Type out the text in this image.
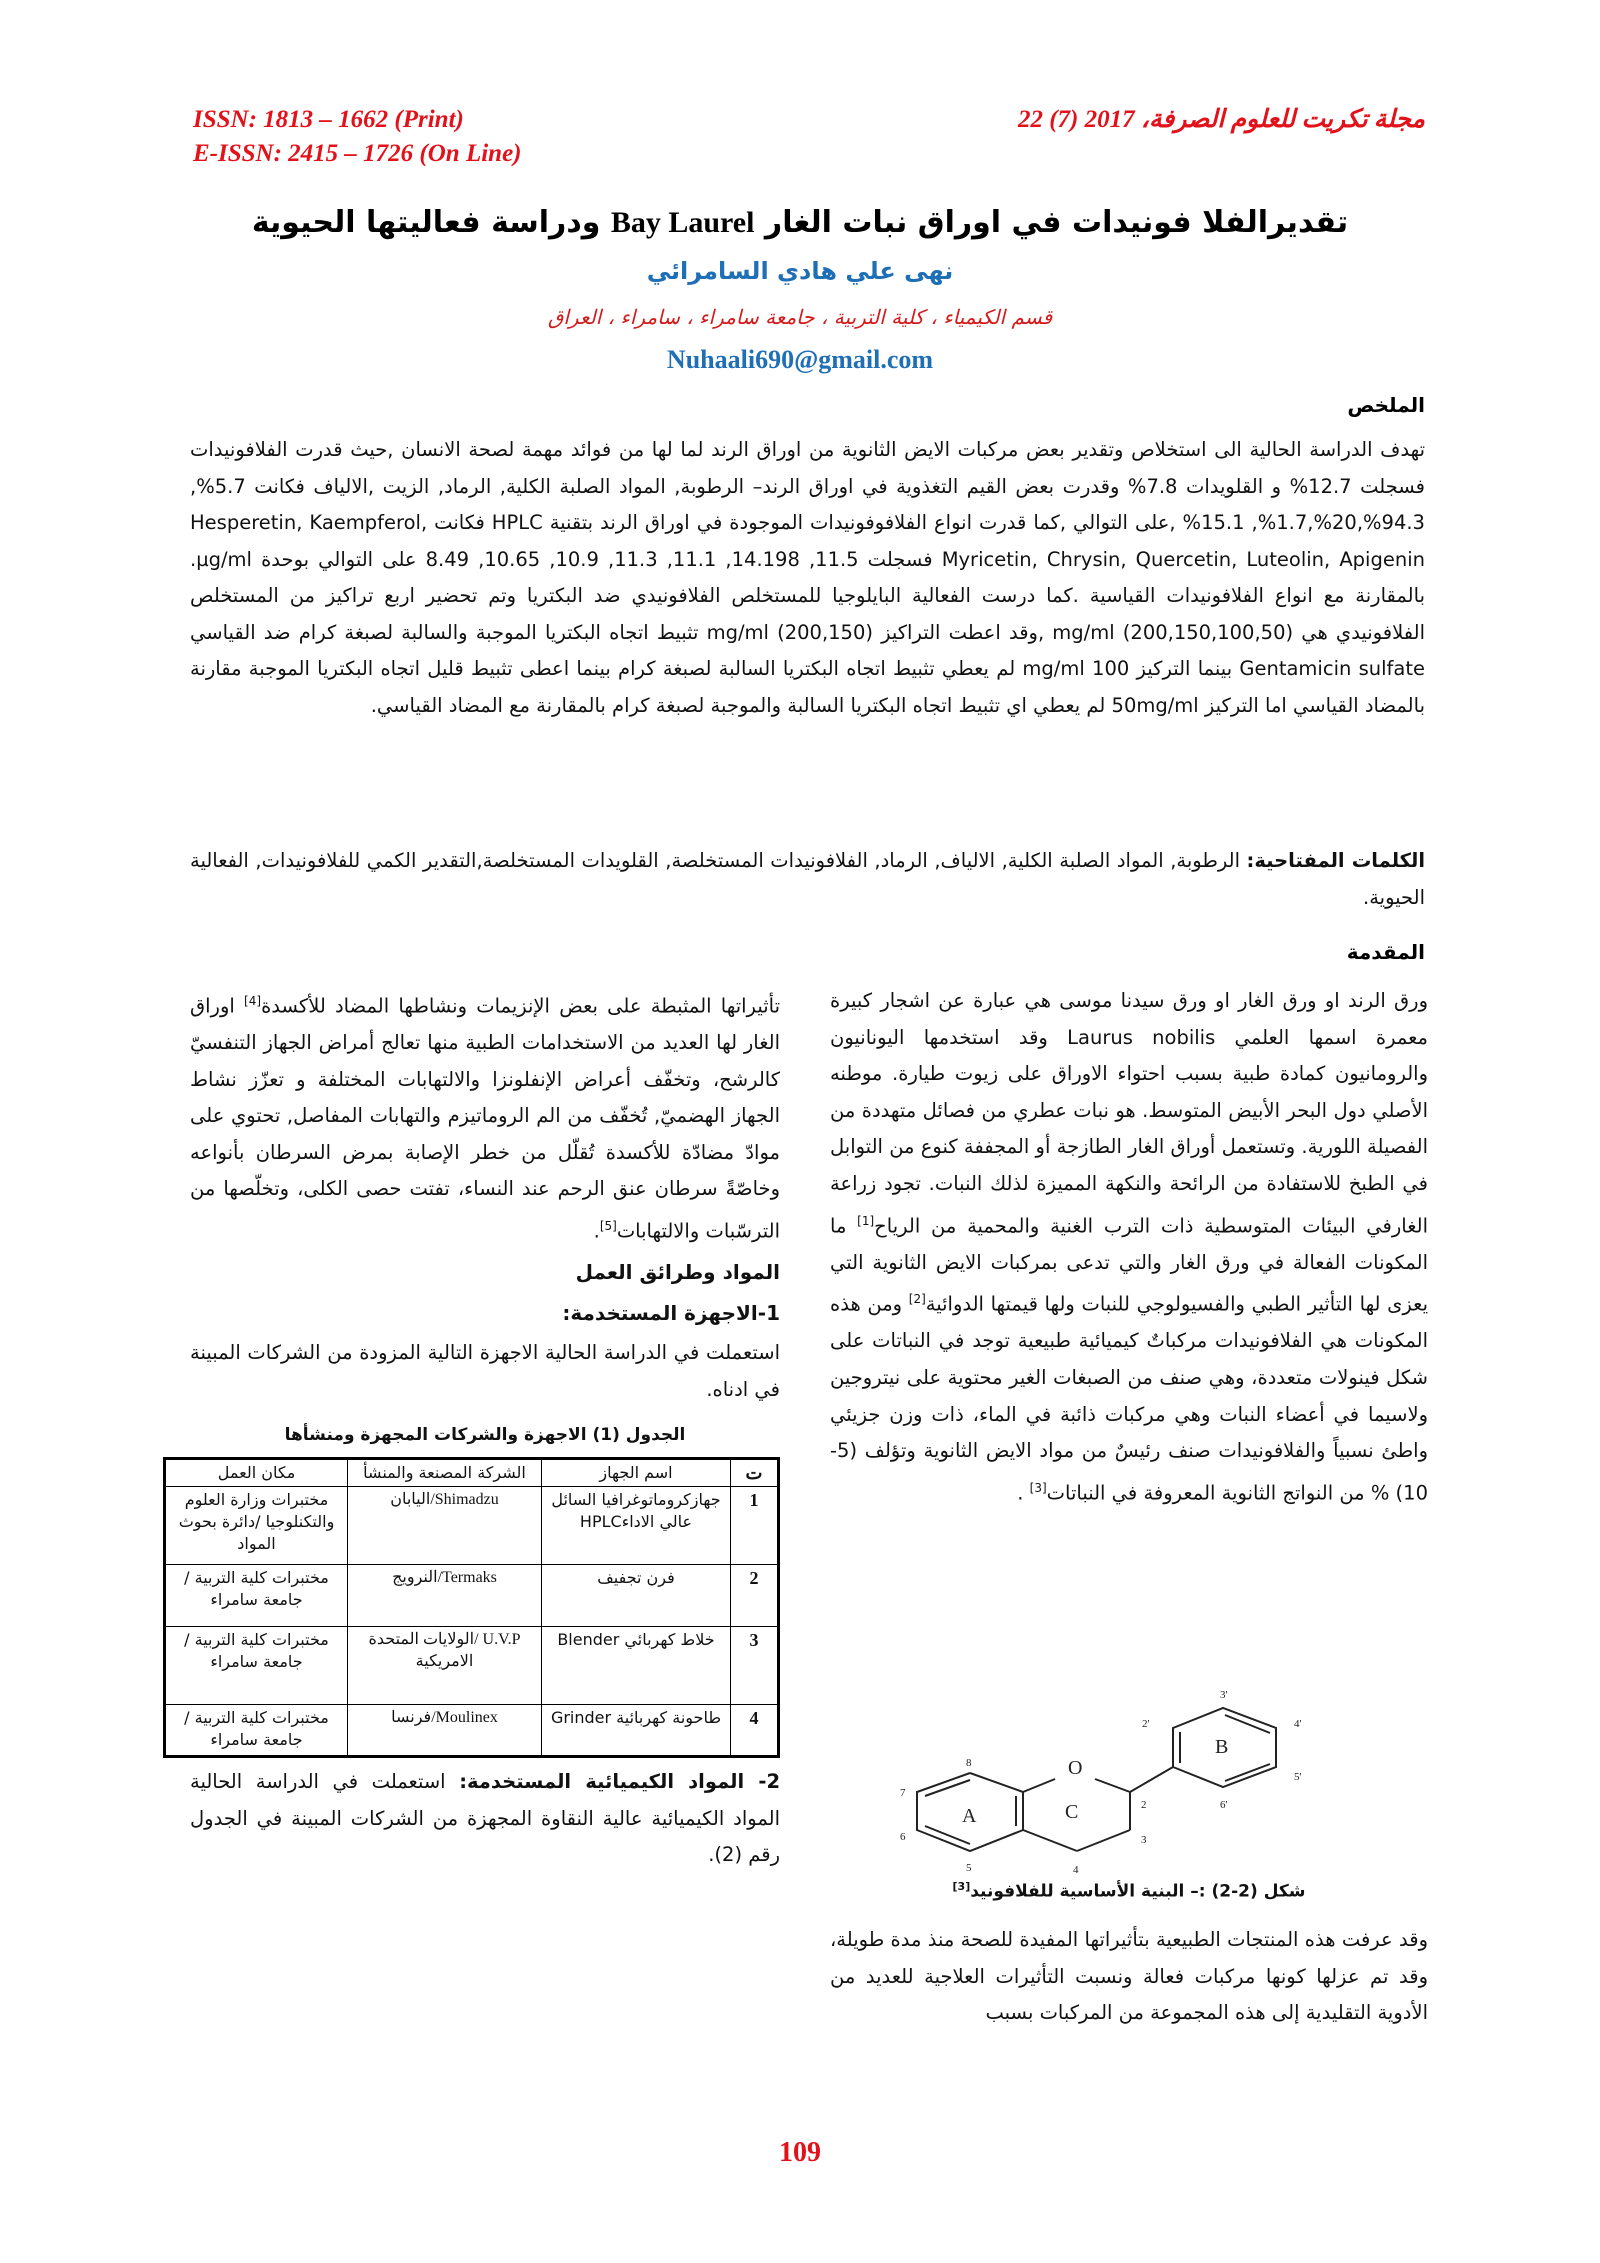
ISSN: 1813 – 1662 (Print)
E-ISSN: 2415 – 1726 (On Line)
مجلة تكريت للعلوم الصرفة، 22 (7) 2017
تقديرالفلا فونيدات في اوراق نبات الغار Bay Laurel ودراسة فعاليتها الحيوية
نهى علي هادي السامرائي
قسم الكيمياء ، كلية التربية ، جامعة سامراء ، سامراء ، العراق
Nuhaali690@gmail.com
الملخص
تهدف الدراسة الحالية الى استخلاص وتقدير بعض مركبات الايض الثانوية من اوراق الرند لما لها من فوائد مهمة لصحة الانسان ,حيث قدرت الفلافونيدات فسجلت 12.7% و القلويدات 7.8% وقدرت بعض القيم التغذوية في اوراق الرند– الرطوبة, المواد الصلبة الكلية, الرماد, الزيت ,الالياف فكانت 5.7%, 94.3%,20%,1.7%, 15.1% ,على التوالي ,كما قدرت انواع الفلافوفونيدات الموجودة في اوراق الرند بتقنية HPLC فكانت Hesperetin, Kaempferol, Myricetin, Chrysin, Quercetin, Luteolin, Apigenin فسجلت 11.5, 14.198, 11.1, 11.3, 10.9, 10.65, 8.49 على التوالي بوحدة µg/ml. بالمقارنة مع انواع الفلافونيدات القياسية .كما درست الفعالية البايلوجيا للمستخلص الفلافونيدي ضد البكتريا وتم تحضير اربع تراكيز من المستخلص الفلافونيدي هي mg/ml (200,150,100,50) ,وقد اعطت التراكيز (200,150) mg/ml تثبيط اتجاه البكتريا الموجبة والسالبة لصبغة كرام ضد القياسي Gentamicin sulfate بينما التركيز 100 mg/ml لم يعطي تثبيط اتجاه البكتريا السالبة لصبغة كرام بينما اعطى تثبيط قليل اتجاه البكتريا الموجبة مقارنة بالمضاد القياسي اما التركيز 50mg/ml لم يعطي اي تثبيط اتجاه البكتريا السالبة والموجبة لصبغة كرام بالمقارنة مع المضاد القياسي.
الكلمات المفتاحية: الرطوبة, المواد الصلبة الكلية, الالياف, الرماد, الفلافونيدات المستخلصة, القلويدات المستخلصة,التقدير الكمي للفلافونيدات, الفعالية الحيوية.
المقدمة

ورق الرند او ورق الغار او ورق سيدنا موسى هي عبارة عن اشجار كبيرة معمرة اسمها العلمي Laurus nobilis وقد استخدمها اليونانيون والرومانيون كمادة طبية بسبب احتواء الاوراق على زيوت طيارة. موطنه الأصلي دول البحر الأبيض المتوسط. هو نبات عطري من فصائل متهددة من الفصيلة اللورية. وتستعمل أوراق الغار الطازجة أو المجففة كنوع من التوابل في الطبخ للاستفادة من الرائحة والنكهة المميزة لذلك النبات. تجود زراعة الغارفي البيئات المتوسطية ذات الترب الغنية والمحمية من الرياح[1] ما المكونات الفعالة في ورق الغار والتي تدعى بمركبات الايض الثانوية التي يعزى لها التأثير الطبي والفسيولوجي للنبات ولها قيمتها الدوائية[2] ومن هذه المكونات هي الفلافونيدات مركباتٌ كيميائية طبيعية توجد في النباتات على شكل فينولات متعددة، وهي صنف من الصبغات الغير محتوية على نيتروجين ولاسيما في أعضاء النبات وهي مركبات ذائبة في الماء، ذات وزن جزيئي واطئ نسبياً والفلافونيدات صنف رئيسٌ من مواد الايض الثانوية وتؤلف (5-10) % من النواتج الثانوية المعروفة في النباتات[3] .

O
A	C
B
2
3
4
5
6
7
8
2'
3'
4'
5'
6'
شكل (2-2) :– البنية الأساسية للفلافونيد[3]

وقد عرفت هذه المنتجات الطبيعية بتأثيراتها المفيدة للصحة منذ مدة طويلة، وقد تم عزلها كونها مركبات فعالة ونسبت التأثيرات العلاجية للعديد من الأدوية التقليدية إلى هذه المجموعة من المركبات بسبب

تأثيراتها المثبطة على بعض الإنزيمات ونشاطها المضاد للأكسدة[4] اوراق الغار لها العديد من الاستخدامات الطبية منها تعالج أمراض الجهاز التنفسيّ كالرشح، وتخفّف أعراض الإنفلونزا والالتهابات المختلفة و تعزّز نشاط الجهاز الهضميّ, تُخفّف من الم الروماتيزم والتهابات المفاصل, تحتوي على موادّ مضادّة للأكسدة تُقلّل من خطر الإصابة بمرض السرطان بأنواعه وخاصّةً سرطان عنق الرحم عند النساء، تفتت حصى الكلى، وتخلّصها من الترسّبات والالتهابات[5].

المواد وطرائق العمل
1-الاجهزة المستخدمة:

استعملت في الدراسة الحالية الاجهزة التالية المزودة من الشركات المبينة في ادناه.

الجدول (1) الاجهزة والشركات المجهزة ومنشأها
ت	اسم الجهاز	الشركة المصنعة والمنشأ	مكان العمل
1	جهازكروماتوغرافيا السائل عالي الاداءHPLC	Shimadzu/اليابان	مختبرات وزارة العلوم والتكنلوجيا /دائرة بحوث المواد
2	فرن تجفيف	Termaks/النرويج	مختبرات كلية التربية /جامعة سامراء
3	خلاط كهربائي Blender	U.V.P /الولايات المتحدة الامريكية	مختبرات كلية التربية /جامعة سامراء
4	طاحونة كهربائية Grinder	Moulinex/فرنسا	مختبرات كلية التربية /جامعة سامراء

2- المواد الكيميائية المستخدمة: استعملت في الدراسة الحالية المواد الكيميائية عالية النقاوة المجهزة من الشركات المبينة في الجدول رقم (2).

109
